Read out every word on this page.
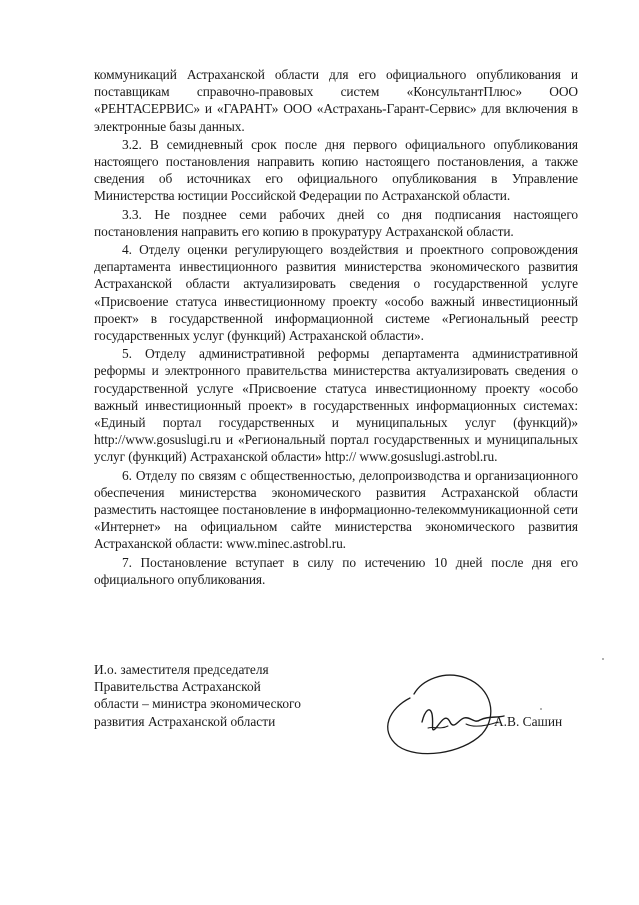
коммуникаций Астраханской области для его официального опубликования и поставщикам справочно-правовых систем «КонсультантПлюс» ООО «РЕНТАСЕРВИС» и «ГАРАНТ» ООО «Астрахань-Гарант-Сервис» для включения в электронные базы данных.

3.2. В семидневный срок после дня первого официального опубликования настоящего постановления направить копию настоящего постановления, а также сведения об источниках его официального опубликования в Управление Министерства юстиции Российской Федерации по Астраханской области.

3.3. Не позднее семи рабочих дней со дня подписания настоящего постановления направить его копию в прокуратуру Астраханской области.

4. Отделу оценки регулирующего воздействия и проектного сопровождения департамента инвестиционного развития министерства экономического развития Астраханской области актуализировать сведения о государственной услуге «Присвоение статуса инвестиционному проекту «особо важный инвестиционный проект» в государственной информационной системе «Региональный реестр государственных услуг (функций) Астраханской области».

5. Отделу административной реформы департамента административной реформы и электронного правительства министерства актуализировать сведения о государственной услуге «Присвоение статуса инвестиционному проекту «особо важный инвестиционный проект» в государственных информационных системах: «Единый портал государственных и муниципальных услуг (функций)» http://www.gosuslugi.ru и «Региональный портал государственных и муниципальных услуг (функций) Астраханской области» http:// www.gosuslugi.astrobl.ru.

6. Отделу по связям с общественностью, делопроизводства и организационного обеспечения министерства экономического развития Астраханской области разместить настоящее постановление в информационно-телекоммуникационной сети «Интернет» на официальном сайте министерства экономического развития Астраханской области: www.minec.astrobl.ru.

7. Постановление вступает в силу по истечению 10 дней после дня его официального опубликования.

И.о. заместителя председателя
Правительства Астраханской
области – министра экономического
развития Астраханской области	А.В. Сашин
